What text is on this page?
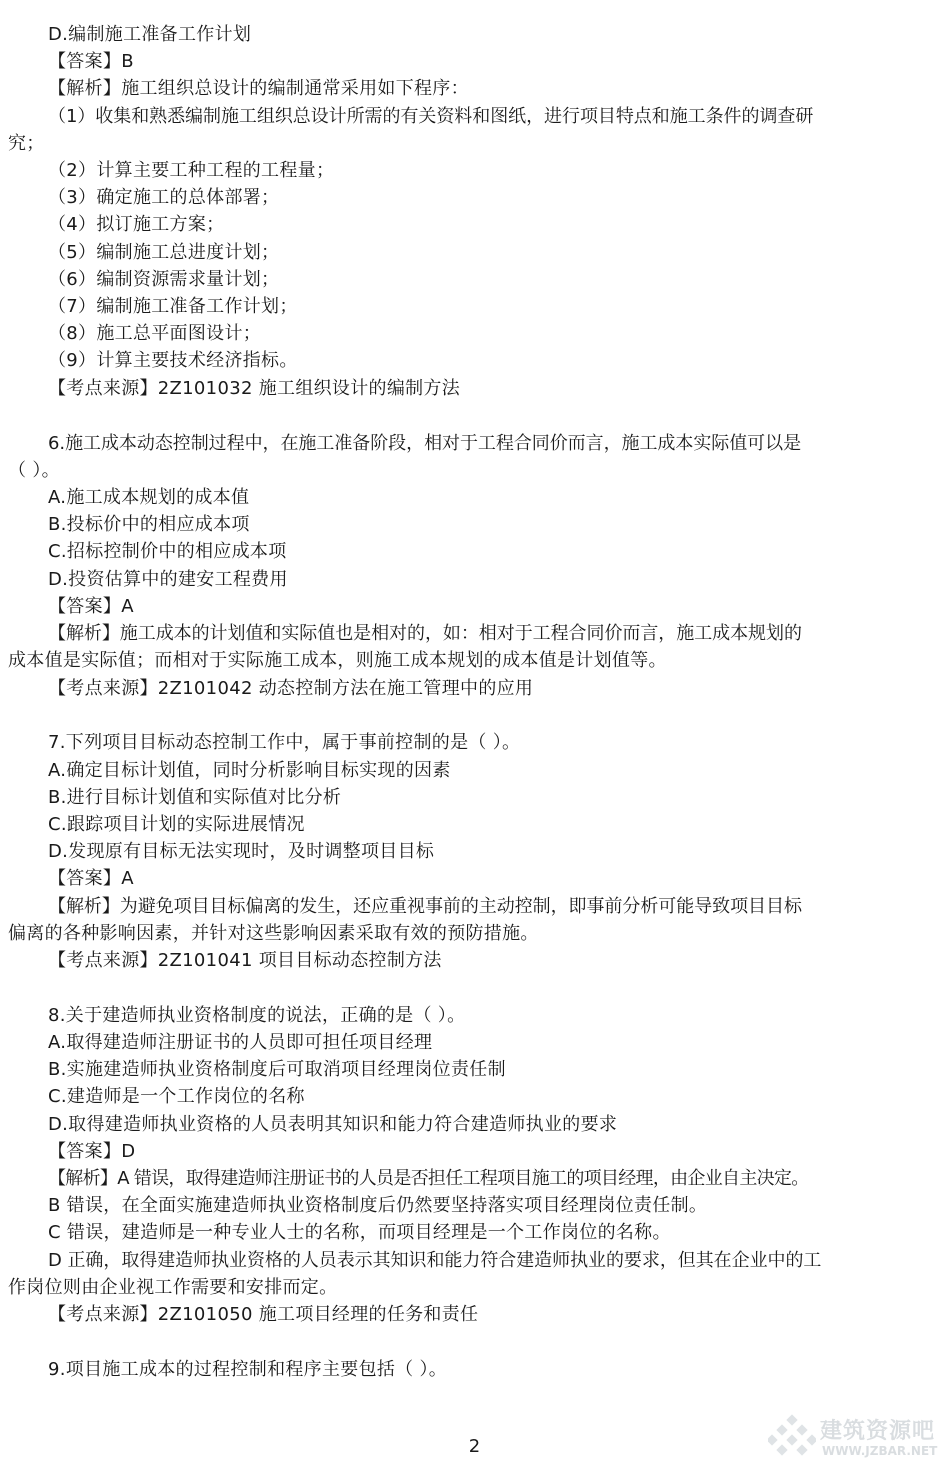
D.编制施工准备工作计划
【答案】B
【解析】施工组织总设计的编制通常采用如下程序：
（1）收集和熟悉编制施工组织总设计所需的有关资料和图纸，进行项目特点和施工条件的调查研
究；
（2）计算主要工种工程的工程量；
（3）确定施工的总体部署；
（4）拟订施工方案；
（5）编制施工总进度计划；
（6）编制资源需求量计划；
（7）编制施工准备工作计划；
（8）施工总平面图设计；
（9）计算主要技术经济指标。
【考点来源】2Z101032 施工组织设计的编制方法
6.施工成本动态控制过程中，在施工准备阶段，相对于工程合同价而言，施工成本实际值可以是
（ ）。
A.施工成本规划的成本值
B.投标价中的相应成本项
C.招标控制价中的相应成本项
D.投资估算中的建安工程费用
【答案】A
【解析】施工成本的计划值和实际值也是相对的，如：相对于工程合同价而言，施工成本规划的
成本值是实际值；而相对于实际施工成本，则施工成本规划的成本值是计划值等。
【考点来源】2Z101042 动态控制方法在施工管理中的应用
7.下列项目目标动态控制工作中，属于事前控制的是（ ）。
A.确定目标计划值，同时分析影响目标实现的因素
B.进行目标计划值和实际值对比分析
C.跟踪项目计划的实际进展情况
D.发现原有目标无法实现时，及时调整项目目标
【答案】A
【解析】为避免项目目标偏离的发生，还应重视事前的主动控制，即事前分析可能导致项目目标
偏离的各种影响因素，并针对这些影响因素采取有效的预防措施。
【考点来源】2Z101041 项目目标动态控制方法
8.关于建造师执业资格制度的说法，正确的是（ ）。
A.取得建造师注册证书的人员即可担任项目经理
B.实施建造师执业资格制度后可取消项目经理岗位责任制
C.建造师是一个工作岗位的名称
D.取得建造师执业资格的人员表明其知识和能力符合建造师执业的要求
【答案】D
【解析】A 错误，取得建造师注册证书的人员是否担任工程项目施工的项目经理，由企业自主决定。
B 错误，在全面实施建造师执业资格制度后仍然要坚持落实项目经理岗位责任制。
C 错误，建造师是一种专业人士的名称，而项目经理是一个工作岗位的名称。
D 正确，取得建造师执业资格的人员表示其知识和能力符合建造师执业的要求，但其在企业中的工
作岗位则由企业视工作需要和安排而定。
【考点来源】2Z101050 施工项目经理的任务和责任
9.项目施工成本的过程控制和程序主要包括（ ）。
2
建筑资源吧
WWW.JZBAR.NET
